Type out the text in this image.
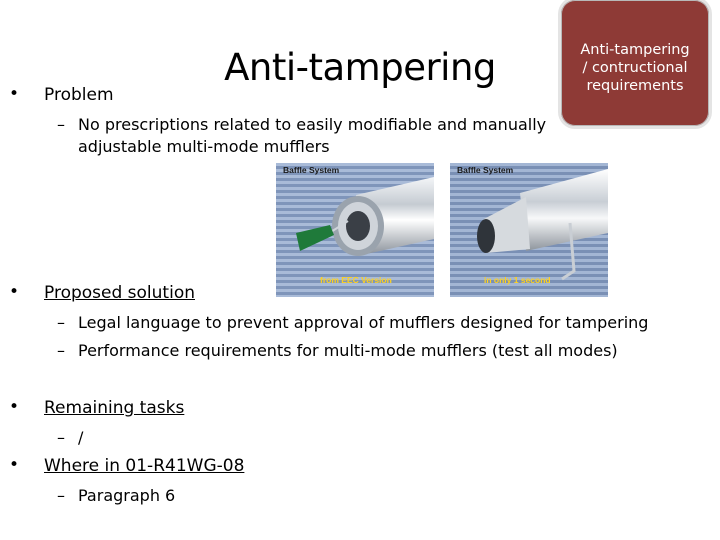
Anti-tampering	Anti-tampering
/ contructional
requirements
• Problem
– No prescriptions related to easily modifiable and manually
adjustable multi-mode mufflers
Baffle System
from EEC Version
Baffle System
in only 1 second
• Proposed solution
– Legal language to prevent approval of mufflers designed for tampering
– Performance requirements for multi-mode mufflers (test all modes)
• Remaining tasks
– /
• Where in 01-R41WG-08
– Paragraph 6
